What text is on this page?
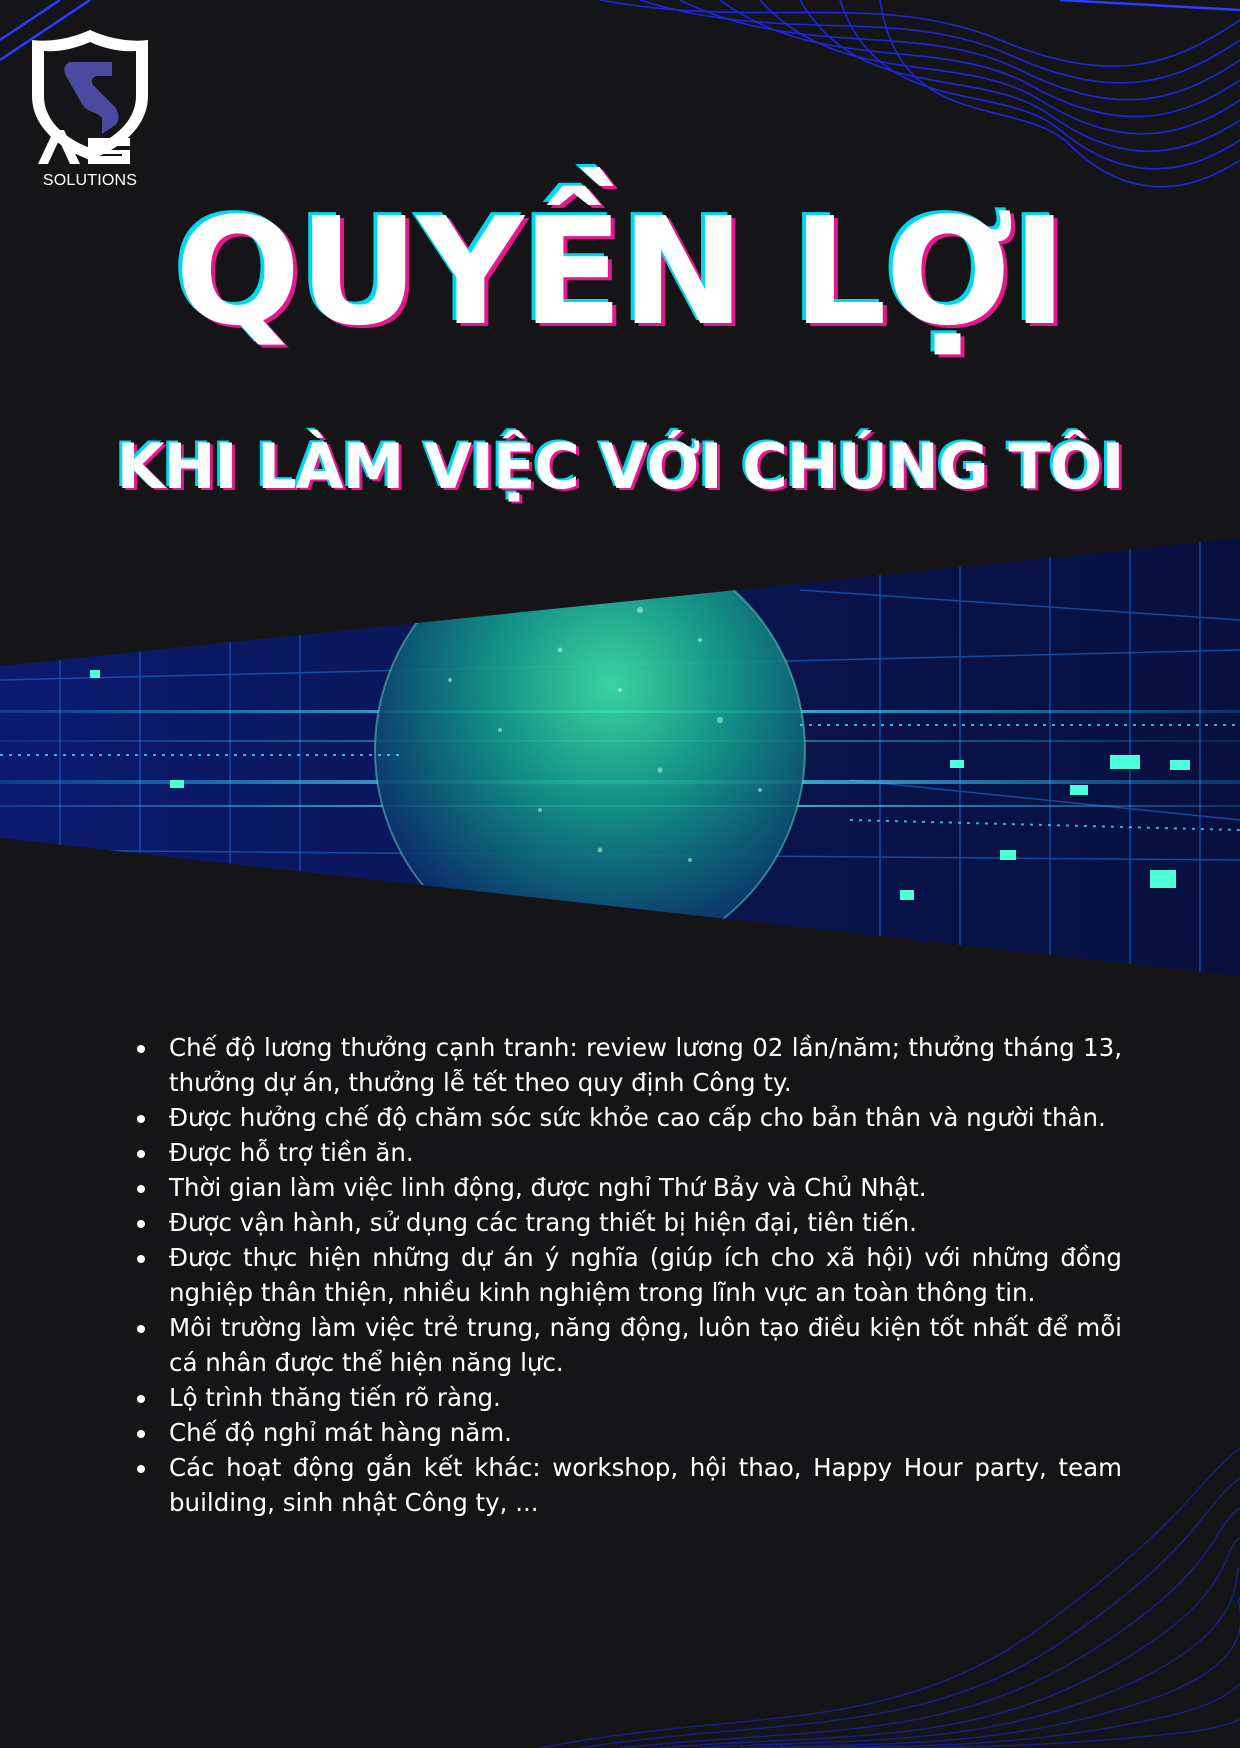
SOLUTIONS
QUYỀN LỢI
KHI LÀM VIỆC VỚI CHÚNG TÔI
Chế độ lương thưởng cạnh tranh: review lương 02 lần/năm; thưởng tháng 13, thưởng dự án, thưởng lễ tết theo quy định Công ty.
Được hưởng chế độ chăm sóc sức khỏe cao cấp cho bản thân và người thân.
Được hỗ trợ tiền ăn.
Thời gian làm việc linh động, được nghỉ Thứ Bảy và Chủ Nhật.
Được vận hành, sử dụng các trang thiết bị hiện đại, tiên tiến.
Được thực hiện những dự án ý nghĩa (giúp ích cho xã hội) với những đồng nghiệp thân thiện, nhiều kinh nghiệm trong lĩnh vực an toàn thông tin.
Môi trường làm việc trẻ trung, năng động, luôn tạo điều kiện tốt nhất để mỗi cá nhân được thể hiện năng lực.
Lộ trình thăng tiến rõ ràng.
Chế độ nghỉ mát hàng năm.
Các hoạt động gắn kết khác: workshop, hội thao, Happy Hour party, team building, sinh nhật Công ty, ...
